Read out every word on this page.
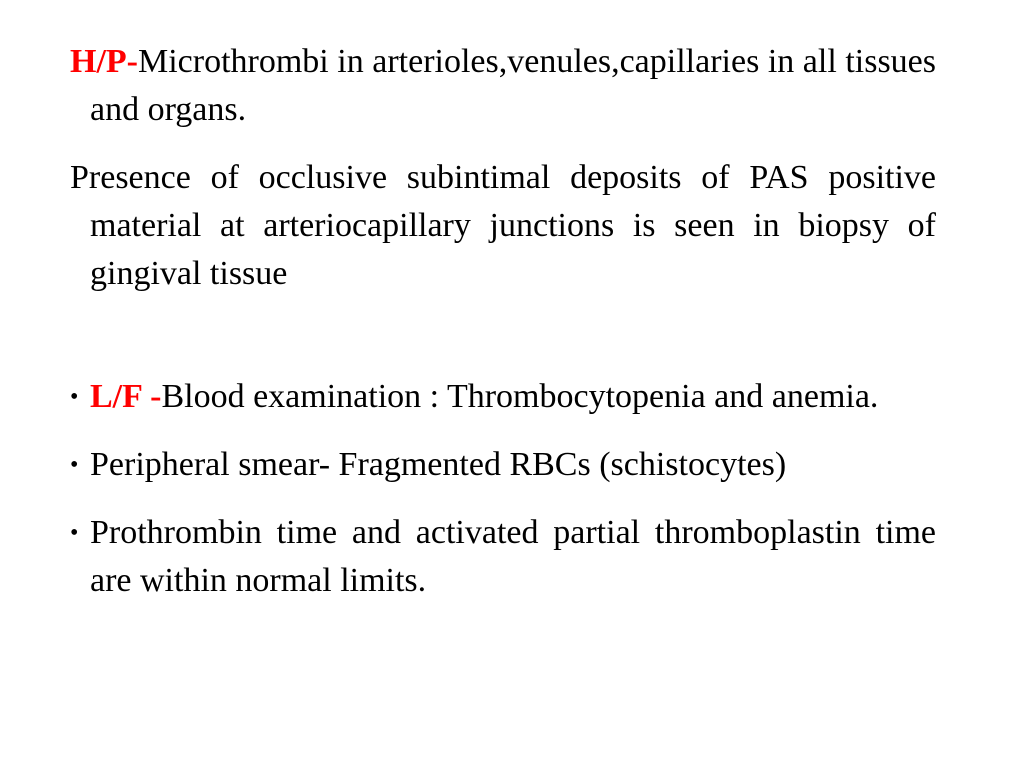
H/P-Microthrombi in arterioles,venules,capillaries in all tissues and organs.

Presence of occlusive subintimal deposits of PAS positive material at arteriocapillary junctions is seen in biopsy of gingival tissue

• L/F -Blood examination : Thrombocytopenia and anemia.
• Peripheral smear- Fragmented RBCs (schistocytes)
• Prothrombin time and activated partial thromboplastin time are within normal limits.
